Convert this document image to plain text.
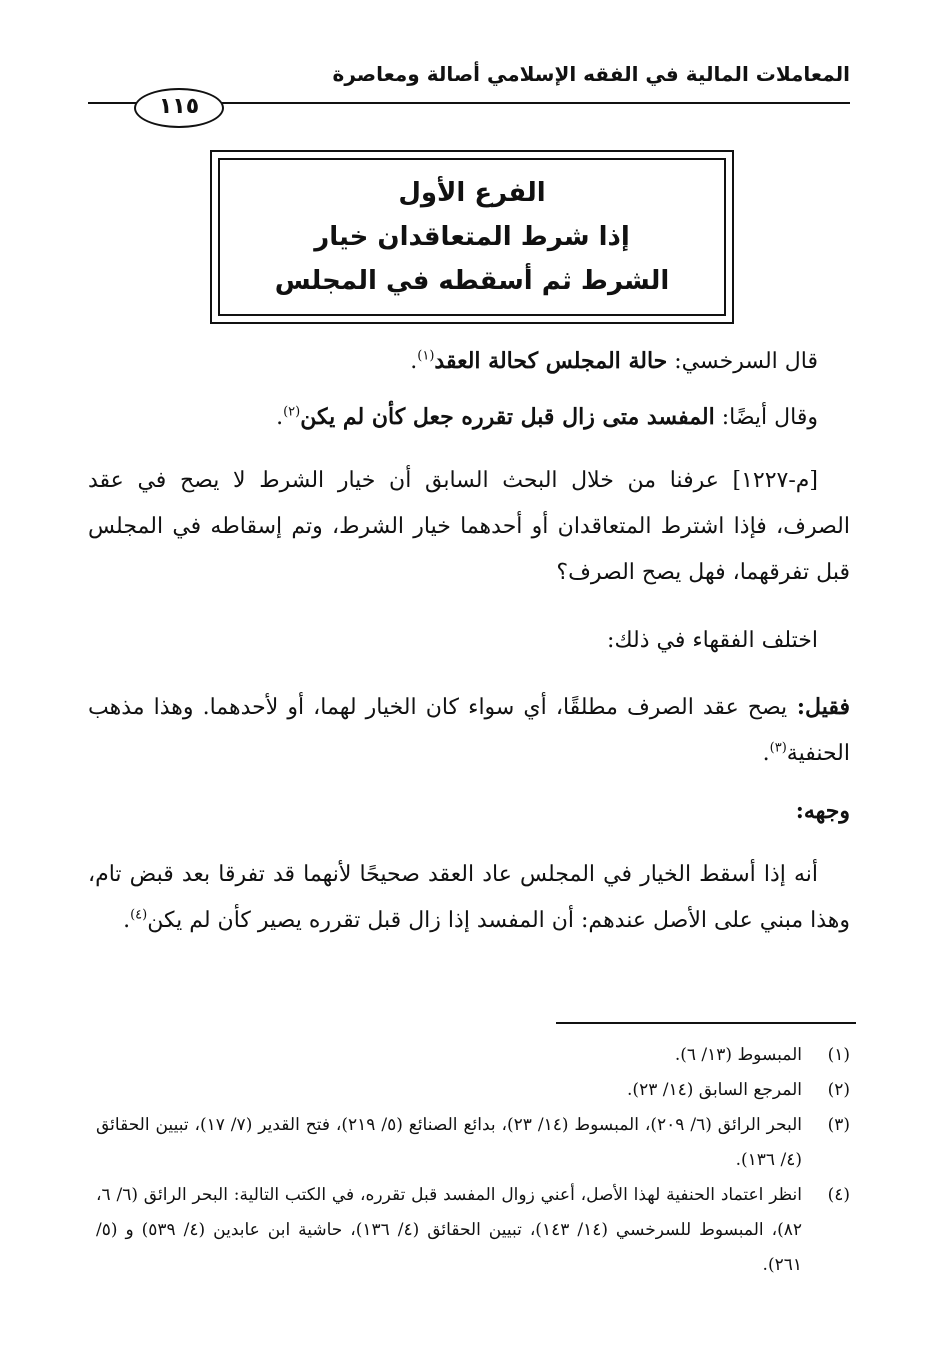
المعاملات المالية في الفقه الإسلامي أصالة ومعاصرة
١١٥
الفرع الأول
إذا شرط المتعاقدان خيار
الشرط ثم أسقطه في المجلس
قال السرخسي: حالة المجلس كحالة العقد$^{(١)}$.
وقال أيضًا: المفسد متى زال قبل تقرره جعل كأن لم يكن$^{(٢)}$.
[م-١٢٢٧] عرفنا من خلال البحث السابق أن خيار الشرط لا يصح في عقد الصرف، فإذا اشترط المتعاقدان أو أحدهما خيار الشرط، وتم إسقاطه في المجلس قبل تفرقهما، فهل يصح الصرف؟
اختلف الفقهاء في ذلك:
فقيل: يصح عقد الصرف مطلقًا، أي سواء كان الخيار لهما، أو لأحدهما. وهذا مذهب الحنفية$^{(٣)}$.
وجهه:
أنه إذا أسقط الخيار في المجلس عاد العقد صحيحًا لأنهما قد تفرقا بعد قبض تام، وهذا مبني على الأصل عندهم: أن المفسد إذا زال قبل تقرره يصير كأن لم يكن$^{(٤)}$.
(١)
المبسوط (١٣/ ٦).
(٢)
المرجع السابق (١٤/ ٢٣).
(٣)
البحر الرائق (٦/ ٢٠٩)، المبسوط (١٤/ ٢٣)، بدائع الصنائع (٥/ ٢١٩)، فتح القدير (٧/ ١٧)، تبيين الحقائق (٤/ ١٣٦).
(٤)
انظر اعتماد الحنفية لهذا الأصل، أعني زوال المفسد قبل تقرره، في الكتب التالية: البحر الرائق (٦/ ٦، ٨٢)، المبسوط للسرخسي (١٤/ ١٤٣)، تبيين الحقائق (٤/ ١٣٦)، حاشية ابن عابدين (٤/ ٥٣٩) و (٥/ ٢٦١).
